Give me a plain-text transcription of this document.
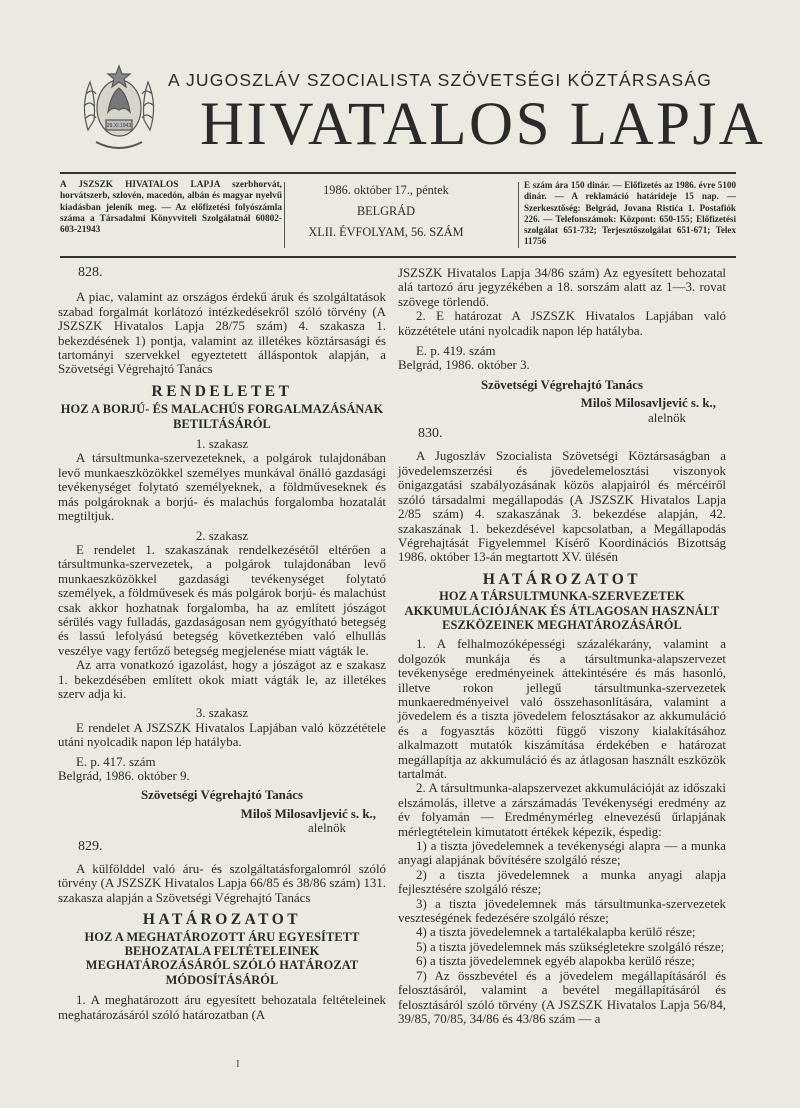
29.XI.1943
A JUGOSZLÁV SZOCIALISTA SZÖVETSÉGI KÖZTÁRSASÁG
HIVATALOS LAPJA
A JSZSZK HIVATALOS LAPJA szerbhorvát, horvátszerb, szlovén, macedón, albán és magyar nyelvű kiadásban jelenik meg. — Az előfizetési folyószámla száma a Társadalmi Könyvviteli Szolgálatnál 60802-603-21943
1986. október 17., péntek
BELGRÁD
XLII. ÉVFOLYAM, 56. SZÁM
E szám ára 150 dinár. — Előfizetés az 1986. évre 5100 dinár. — A reklamáció határideje 15 nap. — Szerkesztőség: Belgrád, Jovana Ristića 1. Postafiók 226. — Telefonszámok: Központ: 650-155; Előfizetési szolgálat 651-732; Terjesztőszolgálat 651-671; Telex 11756

828.

A piac, valamint az országos érdekű áruk és szolgáltatások szabad forgalmát korlátozó intézkedésekről szóló törvény (A JSZSZK Hivatalos Lapja 28/75 szám) 4. szakasza 1. bekezdésének 1) pontja, valamint az illetékes köztársasági és tartományi szervekkel egyeztetett álláspontok alapján, a Szövetségi Végrehajtó Tanács

RENDELETET

HOZ A BORJÚ- ÉS MALACHÚS FORGALMAZÁSÁNAK BETILTÁSÁRÓL

1. szakasz

A társultmunka-szervezeteknek, a polgárok tulajdonában levő munkaeszközökkel személyes munkával önálló gazdasági tevékenységet folytató személyeknek, a földműveseknek és más polgároknak a borjú- és malachús forgalomba hozatalát megtiltjuk.

2. szakasz

E rendelet 1. szakaszának rendelkezésétől eltérően a társultmunka-szervezetek, a polgárok tulajdonában levő munkaeszközökkel gazdasági tevékenységet folytató személyek, a földművesek és más polgárok borjú- és malachúst csak akkor hozhatnak forgalomba, ha az említett jószágot sérülés vagy fulladás, gazdaságosan nem gyógyítható betegség és lassú lefolyású betegség következtében való elhullás veszélye vagy fertőző betegség megjelenése miatt vágták le.

Az arra vonatkozó igazolást, hogy a jószágot az e szakasz 1. bekezdésében említett okok miatt vágták le, az illetékes szerv adja ki.

3. szakasz

E rendelet A JSZSZK Hivatalos Lapjában való közzététele utáni nyolcadik napon lép hatályba.

E. p. 417. szám

Belgrád, 1986. október 9.

Szövetségi Végrehajtó Tanács

Miloš Milosavljević s. k.,

alelnök

829.

A külfölddel való áru- és szolgáltatásforgalomról szóló törvény (A JSZSZK Hivatalos Lapja 66/85 és 38/86 szám) 131. szakasza alapján a Szövetségi Végrehajtó Tanács

HATÁROZATOT

HOZ A MEGHATÁROZOTT ÁRU EGYESÍTETT BEHOZATALA FELTÉTELEINEK MEGHATÁROZÁSÁRÓL SZÓLÓ HATÁROZAT MÓDOSÍTÁSÁRÓL

1. A meghatározott áru egyesített behozatala feltételeinek meghatározásáról szóló határozatban (A

JSZSZK Hivatalos Lapja 34/86 szám) Az egyesített behozatal alá tartozó áru jegyzékében a 18. sorszám alatt az 1—3. rovat szövege törlendő.

2. E határozat A JSZSZK Hivatalos Lapjában való közzététele utáni nyolcadik napon lép hatályba.

E. p. 419. szám

Belgrád, 1986. október 3.

Szövetségi Végrehajtó Tanács

Miloš Milosavljević s. k.,

alelnök

830.

A Jugoszláv Szocialista Szövetségi Köztársaságban a jövedelemszerzési és jövedelemelosztási viszonyok önigazgatási szabályozásának közös alapjairól és mércéiről szóló társadalmi megállapodás (A JSZSZK Hivatalos Lapja 2/85 szám) 4. szakaszának 3. bekezdése alapján, 42. szakaszának 1. bekezdésével kapcsolatban, a Megállapodás Végrehajtását Figyelemmel Kísérő Koordinációs Bizottság 1986. október 13-án megtartott XV. ülésén

HATÁROZATOT

HOZ A TÁRSULTMUNKA-SZERVEZETEK AKKUMULÁCIÓJÁNAK ÉS ÁTLAGOSAN HASZNÁLT ESZKÖZEINEK MEGHATÁROZÁSÁRÓL

1. A felhalmozóképességi százalékarány, valamint a dolgozók munkája és a társultmunka-alapszervezet tevékenysége eredményeinek áttekintésére és más hasonló, illetve rokon jellegű társultmunka-szervezetek munkaeredményeivel való összehasonlítására, valamint a jövedelem és a tiszta jövedelem felosztásakor az akkumuláció és a fogyasztás közötti függő viszony kialakításához alkalmazott mutatók kiszámítása érdekében e határozat megállapítja az akkumuláció és az átlagosan használt eszközök tartalmát.

2. A társultmunka-alapszervezet akkumulációját az időszaki elszámolás, illetve a zárszámadás Tevékenységi eredmény az év folyamán — Eredménymérleg elnevezésű űrlapjának mérlegtételein kimutatott értékek képezik, éspedig:

1) a tiszta jövedelemnek a tevékenységi alapra — a munka anyagi alapjának bővítésére szolgáló része;

2) a tiszta jövedelemnek a munka anyagi alapja fejlesztésére szolgáló része;

3) a tiszta jövedelemnek más társultmunka-szervezetek veszteségének fedezésére szolgáló része;

4) a tiszta jövedelemnek a tartalékalapba kerülő része;

5) a tiszta jövedelemnek más szükségletekre szolgáló része;

6) a tiszta jövedelemnek egyéb alapokba kerülő része;

7) Az összbevétel és a jövedelem megállapításáról és felosztásáról, valamint a bevétel megállapításáról és felosztásáról szóló törvény (A JSZSZK Hivatalos Lapja 56/84, 39/85, 70/85, 34/86 és 43/86 szám — a

I
